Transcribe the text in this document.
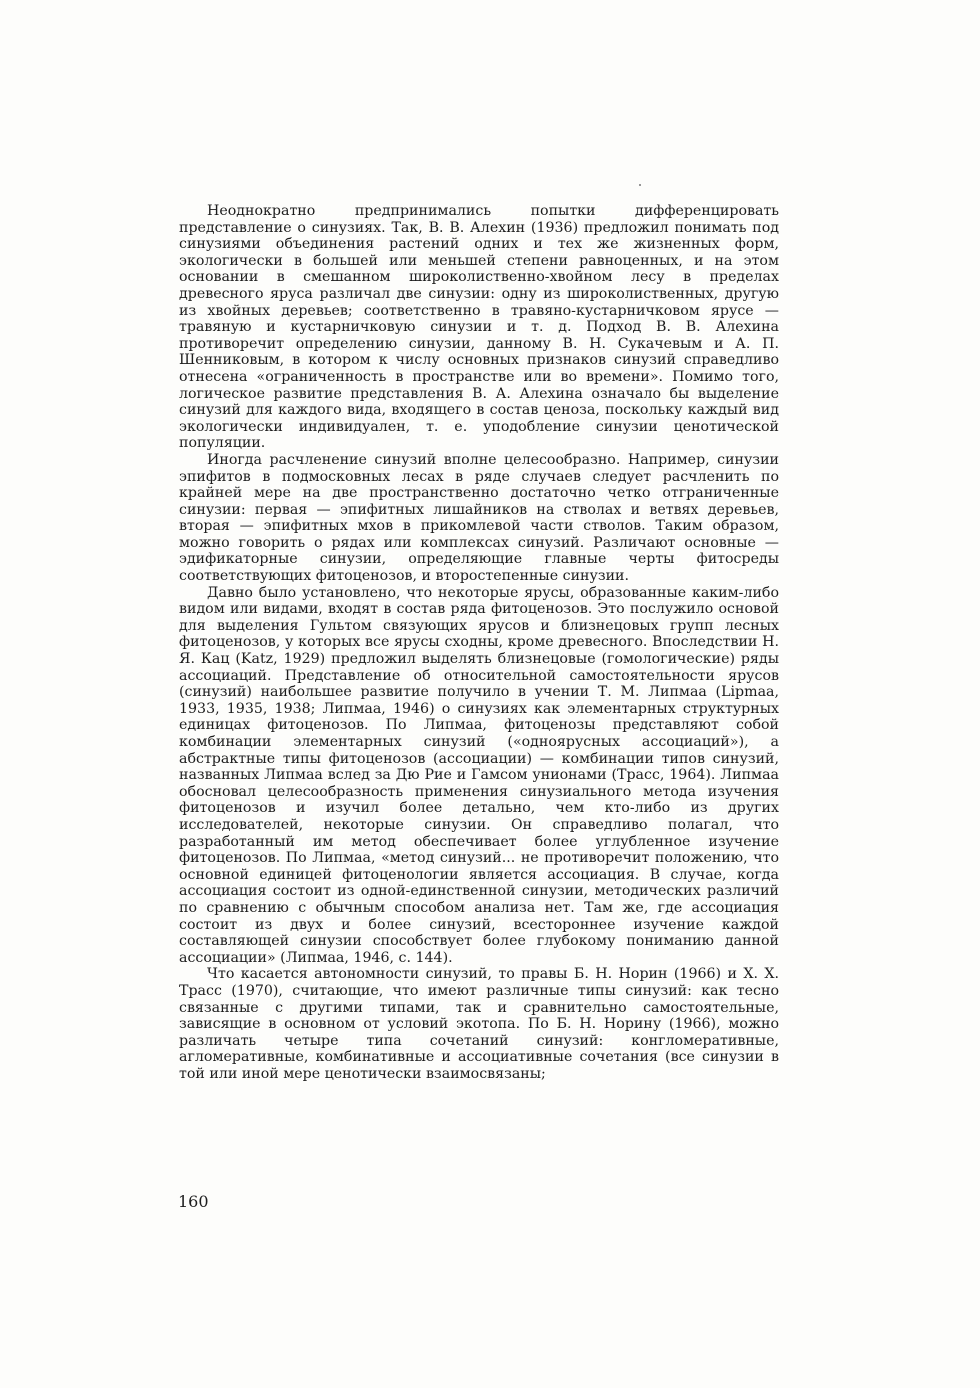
Неоднократно предпринимались попытки дифференцировать представление о синузиях. Так, В. В. Алехин (1936) предложил понимать под синузиями объединения растений одних и тех же жизненных форм, экологически в большей или меньшей степени равноценных, и на этом основании в смешанном широколиственно-хвойном лесу в пределах древесного яруса различал две синузии: одну из широколиственных, другую из хвойных деревьев; соответственно в травяно-кустарничковом ярусе — травяную и кустарничковую синузии и т. д. Подход В. В. Алехина противоречит определению синузии, данному В. Н. Сукачевым и А. П. Шенниковым, в котором к числу основных признаков синузий справедливо отнесена «ограниченность в пространстве или во времени». Помимо того, логическое развитие представления В. А. Алехина означало бы выделение синузий для каждого вида, входящего в состав ценоза, поскольку каждый вид экологически индивидуален, т. е. уподобление синузии ценотической популяции.

Иногда расчленение синузий вполне целесообразно. Например, синузии эпифитов в подмосковных лесах в ряде случаев следует расчленить по крайней мере на две пространственно достаточно четко отграниченные синузии: первая — эпифитных лишайников на стволах и ветвях деревьев, вторая — эпифитных мхов в прикомлевой части стволов. Таким образом, можно говорить о рядах или комплексах синузий. Различают основные — эдификаторные синузии, определяющие главные черты фитосреды соответствующих фитоценозов, и второстепенные синузии.

Давно было установлено, что некоторые ярусы, образованные каким-либо видом или видами, входят в состав ряда фитоценозов. Это послужило основой для выделения Гультом связующих ярусов и близнецовых групп лесных фитоценозов, у которых все ярусы сходны, кроме древесного. Впоследствии Н. Я. Кац (Katz, 1929) предложил выделять близнецовые (гомологические) ряды ассоциаций. Представление об относительной самостоятельности ярусов (синузий) наибольшее развитие получило в учении Т. М. Липмаа (Lipmaa, 1933, 1935, 1938; Липмаа, 1946) о синузиях как элементарных структурных единицах фитоценозов. По Липмаа, фитоценозы представляют собой комбинации элементарных синузий («одноярусных ассоциаций»), а абстрактные типы фитоценозов (ассоциации) — комбинации типов синузий, названных Липмаа вслед за Дю Рие и Гамсом унионами (Трасс, 1964). Липмаа обосновал целесообразность применения синузиального метода изучения фитоценозов и изучил более детально, чем кто-либо из других исследователей, некоторые синузии. Он справедливо полагал, что разработанный им метод обеспечивает более углубленное изучение фитоценозов. По Липмаа, «метод синузий... не противоречит положению, что основной единицей фитоценологии является ассоциация. В случае, когда ассоциация состоит из одной-единственной синузии, методических различий по сравнению с обычным способом анализа нет. Там же, где ассоциация состоит из двух и более синузий, всестороннее изучение каждой составляющей синузии способствует более глубокому пониманию данной ассоциации» (Липмаа, 1946, с. 144).

Что касается автономности синузий, то правы Б. Н. Норин (1966) и Х. Х. Трасс (1970), считающие, что имеют различные типы синузий: как тесно связанные с другими типами, так и сравнительно самостоятельные, зависящие в основном от условий экотопа. По Б. Н. Норину (1966), можно различать четыре типа сочетаний синузий: конгломеративные, агломеративные, комбинативные и ассоциативные сочетания (все синузии в той или иной мере ценотически взаимосвязаны;

160
